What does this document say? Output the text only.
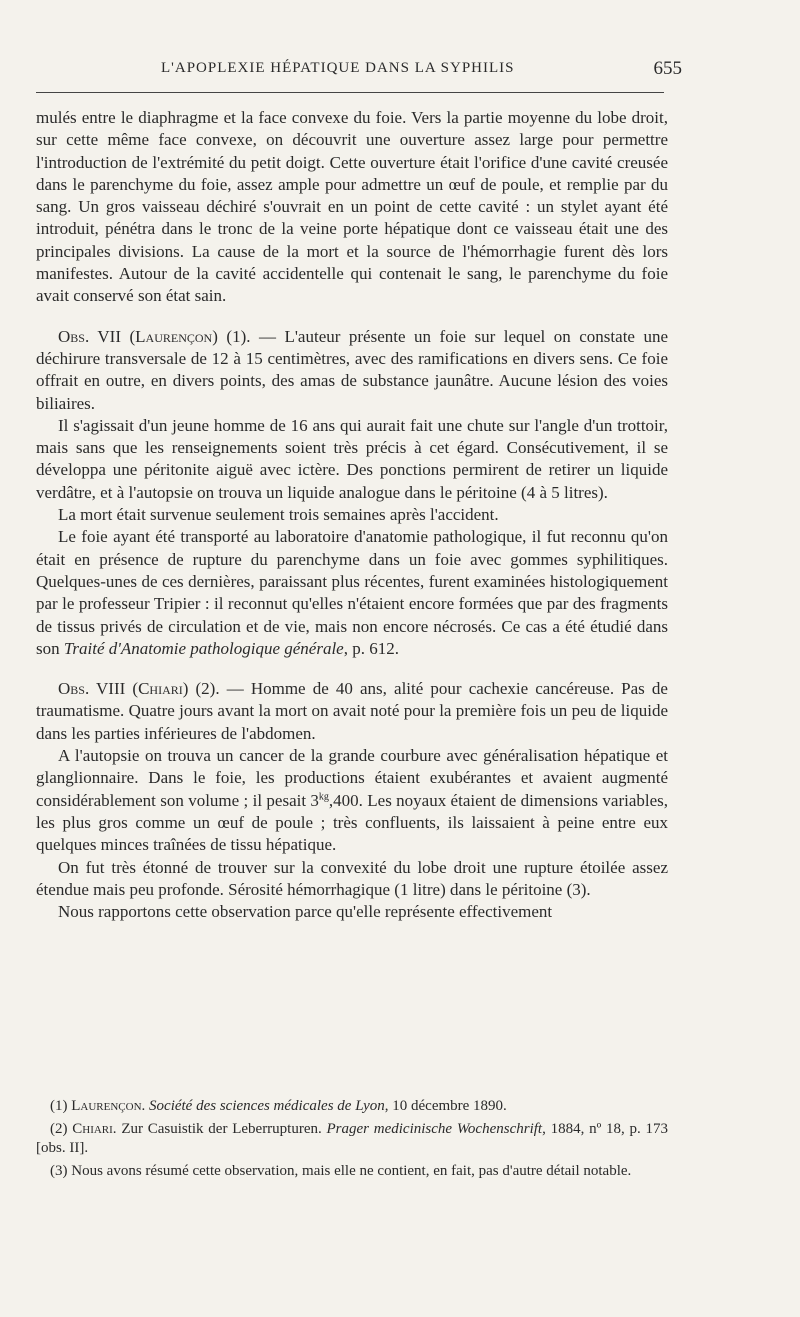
L'APOPLEXIE HÉPATIQUE DANS LA SYPHILIS	655

mulés entre le diaphragme et la face convexe du foie. Vers la partie moyenne du lobe droit, sur cette même face convexe, on découvrit une ouverture assez large pour permettre l'introduction de l'extrémité du petit doigt. Cette ouverture était l'orifice d'une cavité creusée dans le parenchyme du foie, assez ample pour admettre un œuf de poule, et remplie par du sang. Un gros vaisseau déchiré s'ouvrait en un point de cette cavité : un stylet ayant été introduit, pénétra dans le tronc de la veine porte hépatique dont ce vaisseau était une des principales divisions. La cause de la mort et la source de l'hémorrhagie furent dès lors manifestes. Autour de la cavité accidentelle qui contenait le sang, le parenchyme du foie avait conservé son état sain.

Obs. VII (Laurençon) (1). — L'auteur présente un foie sur lequel on constate une déchirure transversale de 12 à 15 centimètres, avec des ramifications en divers sens. Ce foie offrait en outre, en divers points, des amas de substance jaunâtre. Aucune lésion des voies biliaires.

Il s'agissait d'un jeune homme de 16 ans qui aurait fait une chute sur l'angle d'un trottoir, mais sans que les renseignements soient très précis à cet égard. Consécutivement, il se développa une péritonite aiguë avec ictère. Des ponctions permirent de retirer un liquide verdâtre, et à l'autopsie on trouva un liquide analogue dans le péritoine (4 à 5 litres).

La mort était survenue seulement trois semaines après l'accident.

Le foie ayant été transporté au laboratoire d'anatomie pathologique, il fut reconnu qu'on était en présence de rupture du parenchyme dans un foie avec gommes syphilitiques. Quelques-unes de ces dernières, paraissant plus récentes, furent examinées histologiquement par le professeur Tripier : il reconnut qu'elles n'étaient encore formées que par des fragments de tissus privés de circulation et de vie, mais non encore nécrosés. Ce cas a été étudié dans son Traité d'Anatomie pathologique générale, p. 612.

Obs. VIII (Chiari) (2). — Homme de 40 ans, alité pour cachexie cancéreuse. Pas de traumatisme. Quatre jours avant la mort on avait noté pour la première fois un peu de liquide dans les parties inférieures de l'abdomen.

A l'autopsie on trouva un cancer de la grande courbure avec généralisation hépatique et glanglionnaire. Dans le foie, les productions étaient exubérantes et avaient augmenté considérablement son volume ; il pesait $3^{kg},400$. Les noyaux étaient de dimensions variables, les plus gros comme un œuf de poule ; très confluents, ils laissaient à peine entre eux quelques minces traînées de tissu hépatique.

On fut très étonné de trouver sur la convexité du lobe droit une rupture étoilée assez étendue mais peu profonde. Sérosité hémorrhagique (1 litre) dans le péritoine (3).

Nous rapportons cette observation parce qu'elle représente effectivement

(1) Laurençon. Société des sciences médicales de Lyon, 10 décembre 1890.

(2) Chiari. Zur Casuistik der Leberrupturen. Prager medicinische Wochenschrift, 1884, nº 18, p. 173 [obs. II].

(3) Nous avons résumé cette observation, mais elle ne contient, en fait, pas d'autre détail notable.
